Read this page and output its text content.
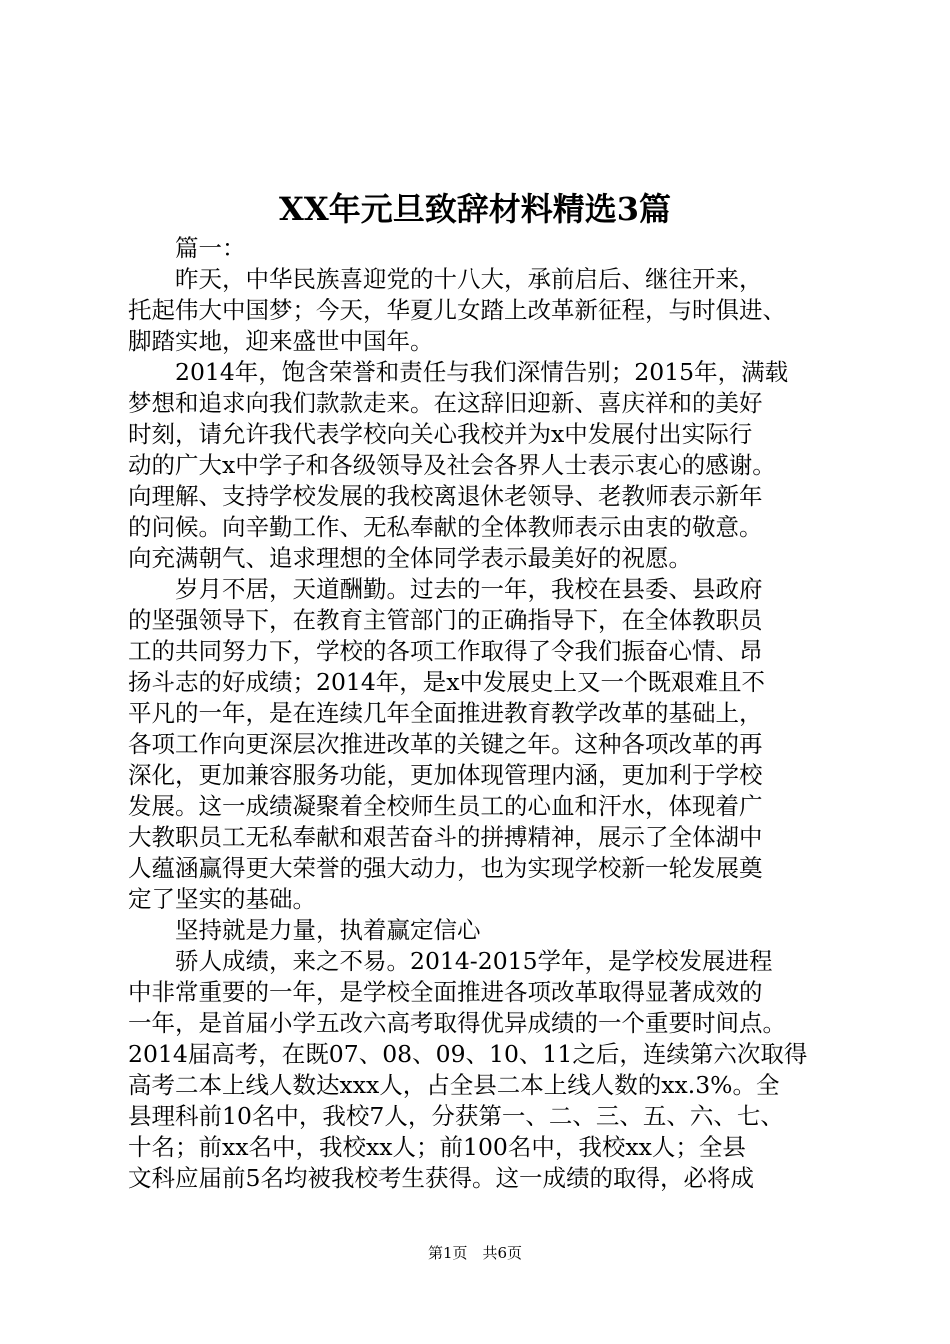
XX年元旦致辞材料精选3篇
　　篇一：
　　昨天，中华民族喜迎党的十八大，承前启后、继往开来，
托起伟大中国梦；今天，华夏儿女踏上改革新征程，与时俱进、
脚踏实地，迎来盛世中国年。
　　2014年，饱含荣誉和责任与我们深情告别；2015年，满载
梦想和追求向我们款款走来。在这辞旧迎新、喜庆祥和的美好
时刻，请允许我代表学校向关心我校并为x中发展付出实际行
动的广大x中学子和各级领导及社会各界人士表示衷心的感谢。
向理解、支持学校发展的我校离退休老领导、老教师表示新年
的问候。向辛勤工作、无私奉献的全体教师表示由衷的敬意。
向充满朝气、追求理想的全体同学表示最美好的祝愿。
　　岁月不居，天道酬勤。过去的一年，我校在县委、县政府
的坚强领导下，在教育主管部门的正确指导下，在全体教职员
工的共同努力下，学校的各项工作取得了令我们振奋心情、昂
扬斗志的好成绩；2014年，是x中发展史上又一个既艰难且不
平凡的一年，是在连续几年全面推进教育教学改革的基础上，
各项工作向更深层次推进改革的关键之年。这种各项改革的再
深化，更加兼容服务功能，更加体现管理内涵，更加利于学校
发展。这一成绩凝聚着全校师生员工的心血和汗水，体现着广
大教职员工无私奉献和艰苦奋斗的拼搏精神，展示了全体湖中
人蕴涵赢得更大荣誉的强大动力，也为实现学校新一轮发展奠
定了坚实的基础。
　　坚持就是力量，执着赢定信心
　　骄人成绩，来之不易。2014-2015学年，是学校发展进程
中非常重要的一年，是学校全面推进各项改革取得显著成效的
一年，是首届小学五改六高考取得优异成绩的一个重要时间点。
2014届高考，在既07、08、09、10、11之后，连续第六次取得
高考二本上线人数达xxx人，占全县二本上线人数的xx.3%。全
县理科前10名中，我校7人，分获第一、二、三、五、六、七、
十名；前xx名中，我校xx人；前100名中，我校xx人；全县
文科应届前5名均被我校考生获得。这一成绩的取得，必将成
第1页　共6页
